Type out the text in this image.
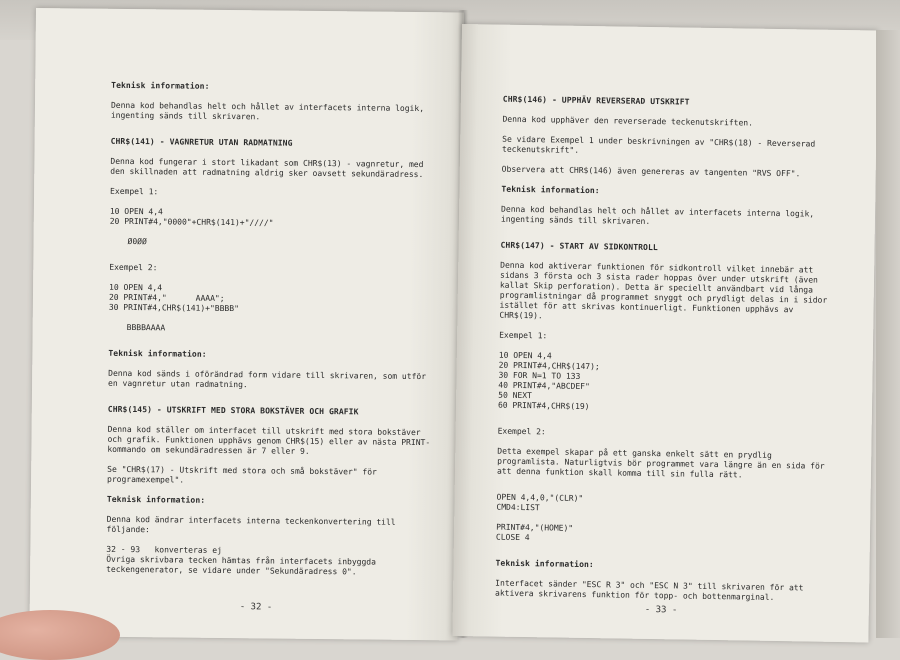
Teknisk information:
Denna kod behandlas helt och hållet av interfacets interna logik, ingenting sänds till skrivaren.
CHR$(141) - VAGNRETUR UTAN RADMATNING
Denna kod fungerar i stort likadant som CHR$(13) - vagnretur, med den skillnaden att radmatning aldrig sker oavsett sekundäradress.
Exempel 1:
10 OPEN 4,4
20 PRINT#4,"0000"+CHR$(141)+"////"
Ø0ØØ
Exempel 2:
10 OPEN 4,4
20 PRINT#4,"      AAAA";
30 PRINT#4,CHR$(141)+"BBBB"
BBBBAAAA
Teknisk information:
Denna kod sänds i oförändrad form vidare till skrivaren, som utför en vagnretur utan radmatning.
CHR$(145) - UTSKRIFT MED STORA BOKSTÄVER OCH GRAFIK
Denna kod ställer om interfacet till utskrift med stora bokstäver och grafik. Funktionen upphävs genom CHR$(15) eller av nästa PRINT-kommando om sekundäradressen är 7 eller 9.
Se "CHR$(17) - Utskrift med stora och små bokstäver" för programexempel".
Teknisk information:
Denna kod ändrar interfacets interna teckenkonvertering till följande:
32 - 93   konverteras ej
Övriga skrivbara tecken hämtas från interfacets inbyggda teckengenerator, se vidare under "Sekundäradress 0".
- 32 -
CHR$(146) - UPPHÄV REVERSERAD UTSKRIFT
Denna kod upphäver den reverserade teckenutskriften.
Se vidare Exempel 1 under beskrivningen av "CHR$(18) - Reverserad teckenutskrift".
Observera att CHR$(146) även genereras av tangenten "RVS OFF".
Teknisk information:
Denna kod behandlas helt och hållet av interfacets interna logik, ingenting sänds till skrivaren.
CHR$(147) - START AV SIDKONTROLL
Denna kod aktiverar funktionen för sidkontroll vilket innebär att sidans 3 första och 3 sista rader hoppas över under utskrift (även kallat Skip perforation). Detta är speciellt användbart vid långa programlistningar då programmet snyggt och prydligt delas in i sidor istället för att skrivas kontinuerligt. Funktionen upphävs av CHR$(19).
Exempel 1:
10 OPEN 4,4
20 PRINT#4,CHR$(147);
30 FOR N=1 TO 133
40 PRINT#4,"ABCDEF"
50 NEXT
60 PRINT#4,CHR$(19)
Exempel 2:
Detta exempel skapar på ett ganska enkelt sätt en prydlig programlista. Naturligtvis bör programmet vara längre än en sida för att denna funktion skall komma till sin fulla rätt.
OPEN 4,4,0,"(CLR)"
CMD4:LIST
PRINT#4,"(HOME)"
CLOSE 4
Teknisk information:
Interfacet sänder "ESC R 3" och "ESC N 3" till skrivaren för att aktivera skrivarens funktion för topp- och bottenmarginal.
- 33 -
